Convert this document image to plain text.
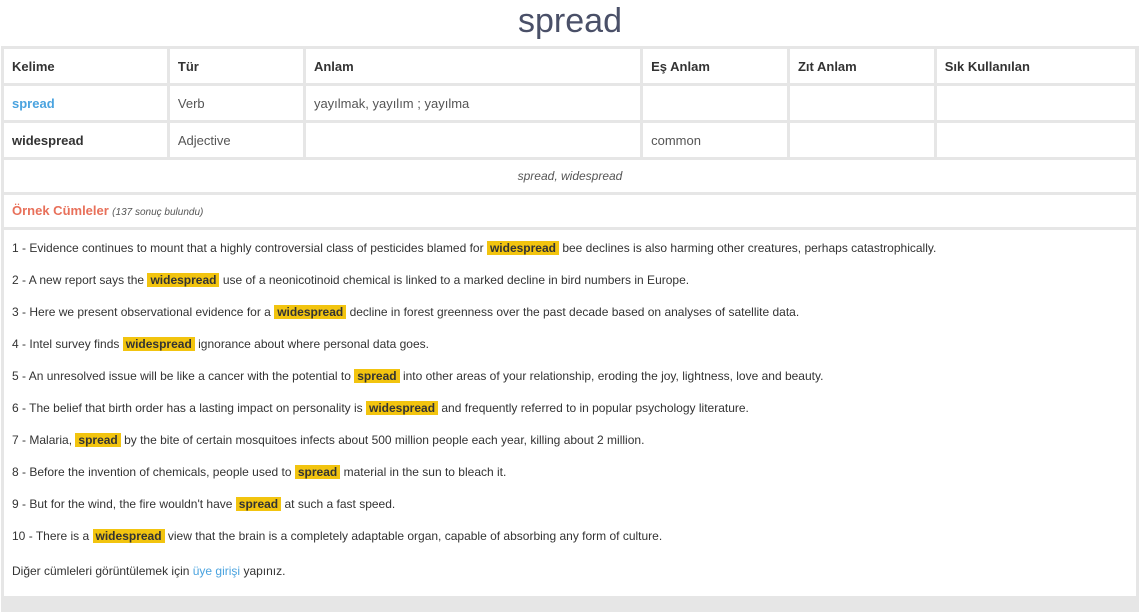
spread
Kelime	Tür	Anlam	Eş Anlam	Zıt Anlam	Sık Kullanılan
spread	Verb	yayılmak, yayılım ; yayılma			
widespread	Adjective		common		
spread, widespread
Örnek Cümleler (137 sonuç bulundu)
1 - Evidence continues to mount that a highly controversial class of pesticides blamed for widespread bee declines is also harming other creatures, perhaps catastrophically.
2 - A new report says the widespread use of a neonicotinoid chemical is linked to a marked decline in bird numbers in Europe.
3 - Here we present observational evidence for a widespread decline in forest greenness over the past decade based on analyses of satellite data.
4 - Intel survey finds widespread ignorance about where personal data goes.
5 - An unresolved issue will be like a cancer with the potential to spread into other areas of your relationship, eroding the joy, lightness, love and beauty.
6 - The belief that birth order has a lasting impact on personality is widespread and frequently referred to in popular psychology literature.
7 - Malaria, spread by the bite of certain mosquitoes infects about 500 million people each year, killing about 2 million.
8 - Before the invention of chemicals, people used to spread material in the sun to bleach it.
9 - But for the wind, the fire wouldn't have spread at such a fast speed.
10 - There is a widespread view that the brain is a completely adaptable organ, capable of absorbing any form of culture.
Diğer cümleleri görüntülemek için üye girişi yapınız.
